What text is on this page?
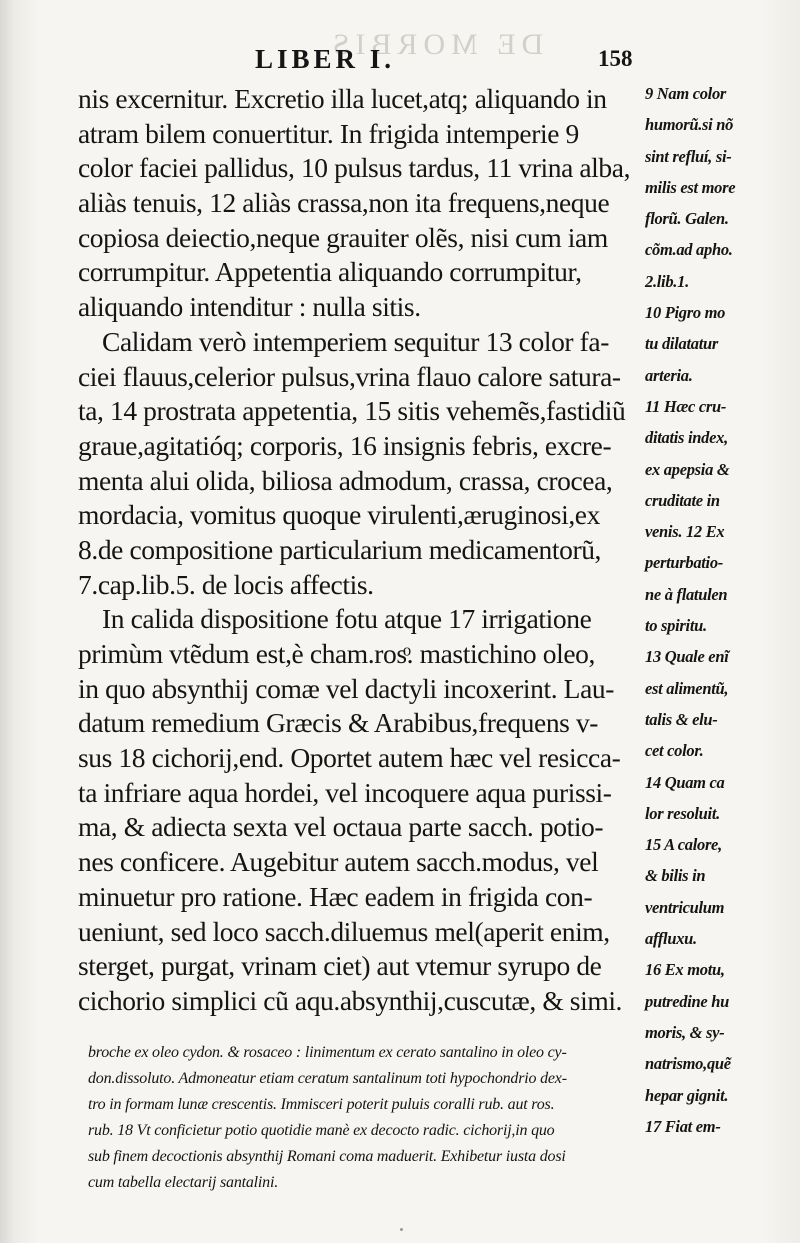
DE MORBIS
LIBER I.	158
nis excernitur. Excretio illa lucet,atq; aliquando in
atram bilem conuertitur. In frigida intemperie 9
color faciei pallidus, 10 pulsus tardus, 11 vrina alba,
aliàs tenuis, 12 aliàs crassa,non ita frequens,neque
copiosa deiectio,neque grauiter olẽs, nisi cum iam
corrumpitur. Appetentia aliquando corrumpitur,
aliquando intenditur : nulla sitis.
Calidam verò intemperiem sequitur 13 color fa-
ciei flauus,celerior pulsus,vrina flauo calore satura-
ta, 14 prostrata appetentia, 15 sitis vehemẽs,fastidiũ
graue,agitatióq; corporis, 16 insignis febris, excre-
menta alui olida, biliosa admodum, crassa, crocea,
mordacia, vomitus quoque virulenti,æruginosi,ex
8.de compositione particularium medicamentorũ,
7.cap.lib.5. de locis affectis.
In calida dispositione fotu atque 17 irrigatione
primùm vtẽdum est,è cham.rosͦ. mastichino oleo,
in quo absynthij comæ vel dactyli incoxerint. Lau-
datum remedium Græcis & Arabibus,frequens v-
sus 18 cichorij,end. Oportet autem hæc vel resicca-
ta infriare aqua hordei, vel incoquere aqua purissi-
ma, & adiecta sexta vel octaua parte sacch. potio-
nes conficere. Augebitur autem sacch.modus, vel
minuetur pro ratione. Hæc eadem in frigida con-
ueniunt, sed loco sacch.diluemus mel(aperit enim,
sterget, purgat, vrinam ciet) aut vtemur syrupo de
cichorio simplici cũ aqu.absynthij,cuscutæ, & simi.
9 Nam color
humorũ.si nõ
sint refluí, si-
milis est more
florũ. Galen.
cõm.ad apho.
2.lib.1.
10 Pigro mo
tu dilatatur
arteria.
11 Hæc cru-
ditatis index,
ex apepsia &
cruditate in
venis. 12 Ex
perturbatio-
ne à flatulen
to spiritu.
13 Quale enĩ
est alimentũ,
talis & elu-
cet color.
14 Quam ca
lor resoluit.
15 A calore,
& bilis in
ventriculum
affluxu.
16 Ex motu,
putredine hu
moris, & sy-
natrismo,quẽ
hepar gignit.
17 Fiat em-
broche ex oleo cydon. & rosaceo : linimentum ex cerato santalino in oleo cy-
don.dissoluto. Admoneatur etiam ceratum santalinum toti hypochondrio dex-
tro in formam lunæ crescentis. Immisceri poterit puluis coralli rub. aut ros.
rub. 18 Vt conficietur potio quotidie manè ex decocto radic. cichorij,in quo
sub finem decoctionis absynthij Romani coma maduerit. Exhibetur iusta dosi
cum tabella electarij santalini.
